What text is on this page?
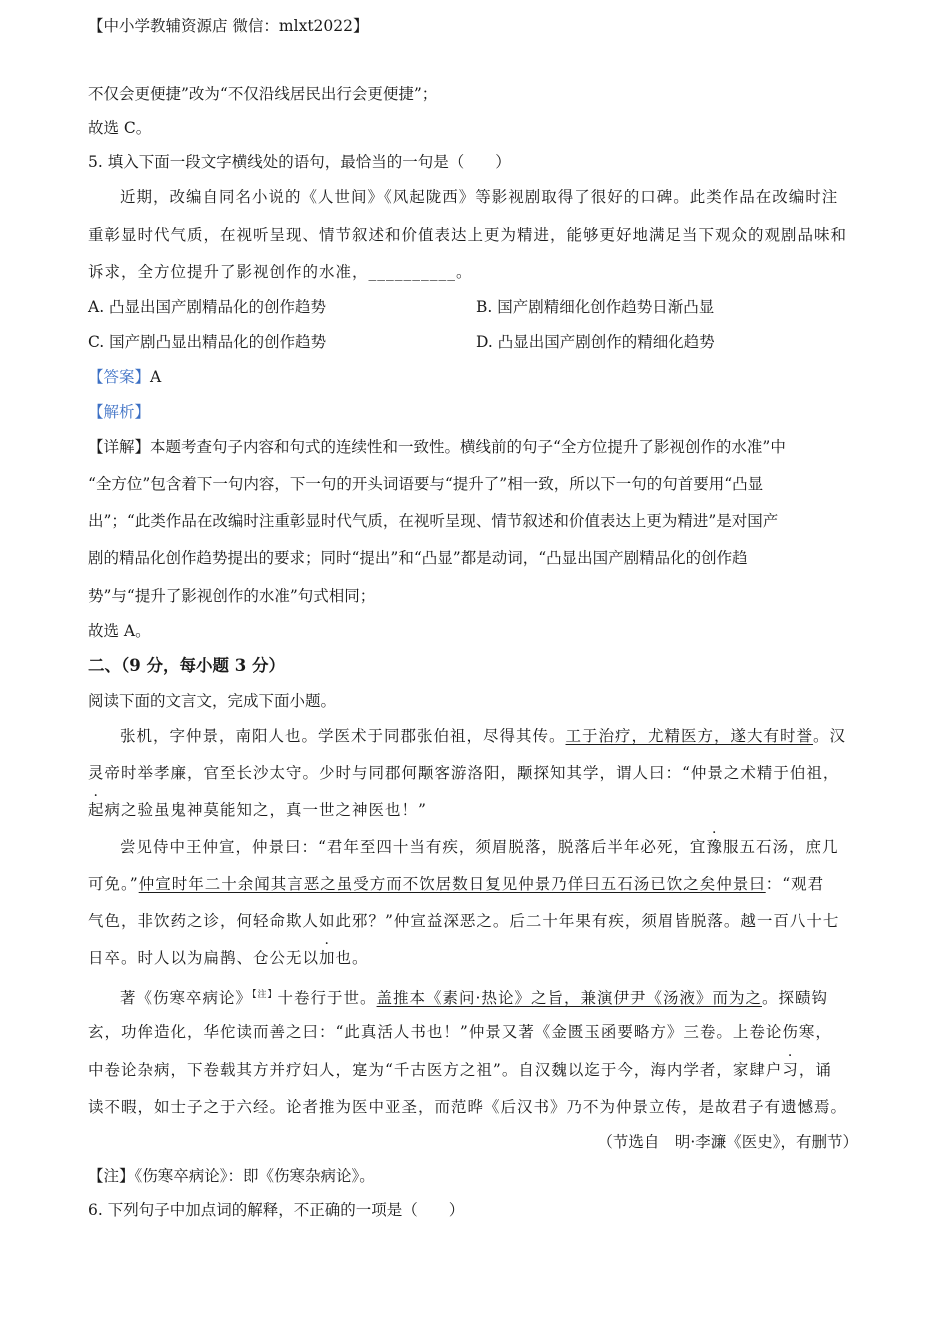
【中小学教辅资源店 微信：mlxt2022】
不仅会更便捷”改为“不仅沿线居民出行会更便捷”；
故选 C。
5. 填入下面一段文字横线处的语句，最恰当的一句是（　　）
近期，改编自同名小说的《人世间》《风起陇西》等影视剧取得了很好的口碑。此类作品在改编时注
重彰显时代气质，在视听呈现、情节叙述和价值表达上更为精进，能够更好地满足当下观众的观剧品味和
诉求，全方位提升了影视创作的水准，__________。
A. 凸显出国产剧精品化的创作趋势	B. 国产剧精细化创作趋势日渐凸显
C. 国产剧凸显出精品化的创作趋势	D. 凸显出国产剧创作的精细化趋势
【答案】A
【解析】
【详解】本题考查句子内容和句式的连续性和一致性。横线前的句子“全方位提升了影视创作的水准”中
“全方位”包含着下一句内容，下一句的开头词语要与“提升了”相一致，所以下一句的句首要用“凸显
出”；“此类作品在改编时注重彰显时代气质，在视听呈现、情节叙述和价值表达上更为精进”是对国产
剧的精品化创作趋势提出的要求；同时“提出”和“凸显”都是动词，“凸显出国产剧精品化的创作趋
势”与“提升了影视创作的水准”句式相同；
故选 A。
二、（9 分，每小题 3 分）
阅读下面的文言文，完成下面小题。
张机，字仲景，南阳人也。学医术于同郡张伯祖，尽得其传。工于治疗，尤精医方，遂大有时誉。汉
灵帝时举孝廉，官至长沙太守。少时与同郡何颙客游洛阳，颙探知其学，谓人曰：“仲景之术精于伯祖，
起病之验虽鬼神莫能知之，真一世之神医也！”
尝见侍中王仲宣，仲景曰：“君年至四十当有疾，须眉脱落，脱落后半年必死，宜豫服五石汤，庶几
可免。”仲宣时年二十余闻其言恶之虽受方而不饮居数日复见仲景乃佯曰五石汤已饮之矣仲景曰：“观君
气色，非饮药之诊，何轻命欺人如此邪？”仲宣益深恶之。后二十年果有疾，须眉皆脱落。越一百八十七
日卒。时人以为扁鹊、仓公无以加也。
著《伤寒卒病论》$^{【注】}$十卷行于世。盖推本《素问·热论》之旨，兼演伊尹《汤液》而为之。探赜钩
玄，功侔造化，华佗读而善之曰：“此真活人书也！”仲景又著《金匮玉函要略方》三卷。上卷论伤寒，
中卷论杂病，下卷载其方并疗妇人，寔为“千古医方之祖”。自汉魏以迄于今，海内学者，家肆户习，诵
读不暇，如士子之于六经。论者推为医中亚圣，而范晔《后汉书》乃不为仲景立传，是故君子有遗憾焉。
（节选自　明·李濂《医史》，有删节）
【注】《伤寒卒病论》：即《伤寒杂病论》。
6. 下列句子中加点词的解释，不正确的一项是（　　）
